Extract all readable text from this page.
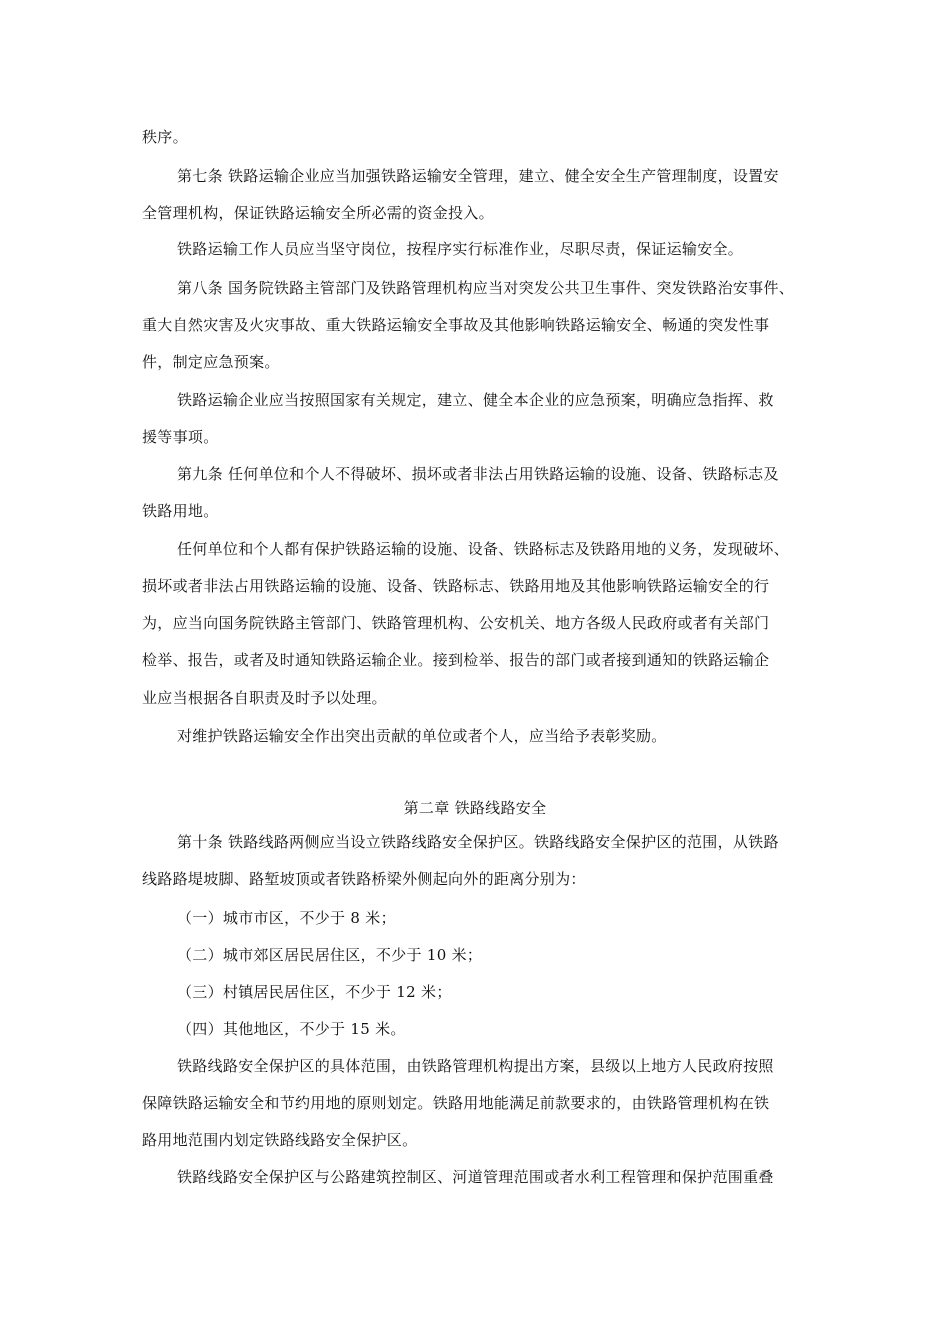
秩序。
第七条 铁路运输企业应当加强铁路运输安全管理，建立、健全安全生产管理制度，设置安
全管理机构，保证铁路运输安全所必需的资金投入。
铁路运输工作人员应当坚守岗位，按程序实行标准作业，尽职尽责，保证运输安全。
第八条 国务院铁路主管部门及铁路管理机构应当对突发公共卫生事件、突发铁路治安事件、
重大自然灾害及火灾事故、重大铁路运输安全事故及其他影响铁路运输安全、畅通的突发性事
件，制定应急预案。
铁路运输企业应当按照国家有关规定，建立、健全本企业的应急预案，明确应急指挥、救
援等事项。
第九条 任何单位和个人不得破坏、损坏或者非法占用铁路运输的设施、设备、铁路标志及
铁路用地。
任何单位和个人都有保护铁路运输的设施、设备、铁路标志及铁路用地的义务，发现破坏、
损坏或者非法占用铁路运输的设施、设备、铁路标志、铁路用地及其他影响铁路运输安全的行
为，应当向国务院铁路主管部门、铁路管理机构、公安机关、地方各级人民政府或者有关部门
检举、报告，或者及时通知铁路运输企业。接到检举、报告的部门或者接到通知的铁路运输企
业应当根据各自职责及时予以处理。
对维护铁路运输安全作出突出贡献的单位或者个人，应当给予表彰奖励。
第二章 铁路线路安全
第十条 铁路线路两侧应当设立铁路线路安全保护区。铁路线路安全保护区的范围，从铁路
线路路堤坡脚、路堑坡顶或者铁路桥梁外侧起向外的距离分别为：
（一）城市市区，不少于 8 米；
（二）城市郊区居民居住区，不少于 10 米；
（三）村镇居民居住区，不少于 12 米；
（四）其他地区，不少于 15 米。
铁路线路安全保护区的具体范围，由铁路管理机构提出方案，县级以上地方人民政府按照
保障铁路运输安全和节约用地的原则划定。铁路用地能满足前款要求的，由铁路管理机构在铁
路用地范围内划定铁路线路安全保护区。
铁路线路安全保护区与公路建筑控制区、河道管理范围或者水利工程管理和保护范围重叠
